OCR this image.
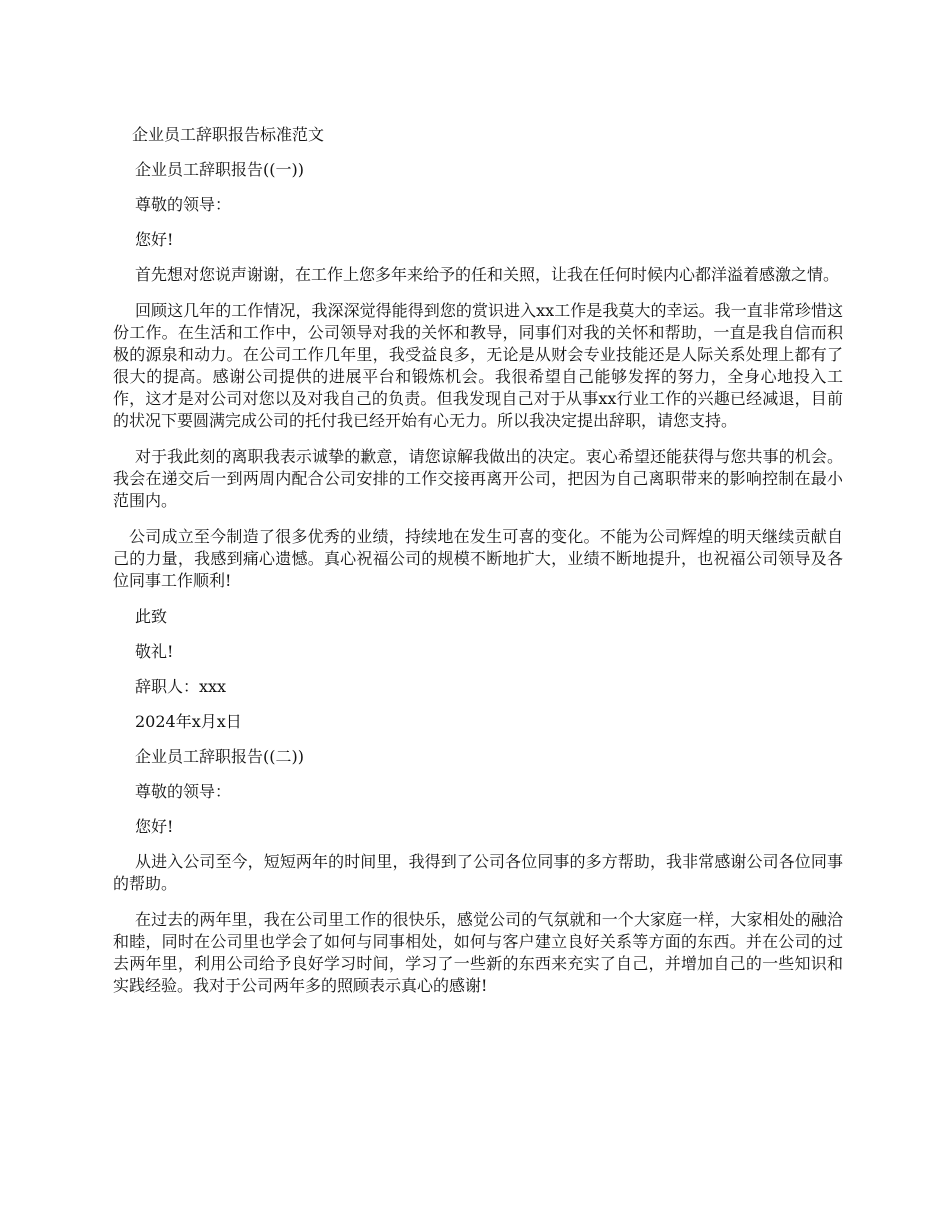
企业员工辞职报告标准范文

企业员工辞职报告((一))

尊敬的领导：

您好!

首先想对您说声谢谢，在工作上您多年来给予的任和关照，让我在任何时候内心都洋溢着感激之情。

回顾这几年的工作情况，我深深觉得能得到您的赏识进入xx工作是我莫大的幸运。我一直非常珍惜这份工作。在生活和工作中，公司领导对我的关怀和教导，同事们对我的关怀和帮助，一直是我自信而积极的源泉和动力。在公司工作几年里，我受益良多，无论是从财会专业技能还是人际关系处理上都有了很大的提高。感谢公司提供的进展平台和锻炼机会。我很希望自己能够发挥的努力，全身心地投入工作，这才是对公司对您以及对我自己的负责。但我发现自己对于从事xx行业工作的兴趣已经减退，目前的状况下要圆满完成公司的托付我已经开始有心无力。所以我决定提出辞职，请您支持。

对于我此刻的离职我表示诚挚的歉意，请您谅解我做出的决定。衷心希望还能获得与您共事的机会。我会在递交后一到两周内配合公司安排的工作交接再离开公司，把因为自己离职带来的影响控制在最小范围内。

公司成立至今制造了很多优秀的业绩，持续地在发生可喜的变化。不能为公司辉煌的明天继续贡献自己的力量，我感到痛心遗憾。真心祝福公司的规模不断地扩大，业绩不断地提升，也祝福公司领导及各位同事工作顺利!

此致

敬礼!

辞职人：xxx

2024年x月x日

企业员工辞职报告((二))

尊敬的领导：

您好!

从进入公司至今，短短两年的时间里，我得到了公司各位同事的多方帮助，我非常感谢公司各位同事的帮助。

在过去的两年里，我在公司里工作的很快乐，感觉公司的气氛就和一个大家庭一样，大家相处的融洽和睦，同时在公司里也学会了如何与同事相处，如何与客户建立良好关系等方面的东西。并在公司的过去两年里，利用公司给予良好学习时间，学习了一些新的东西来充实了自己，并增加自己的一些知识和实践经验。我对于公司两年多的照顾表示真心的感谢!
